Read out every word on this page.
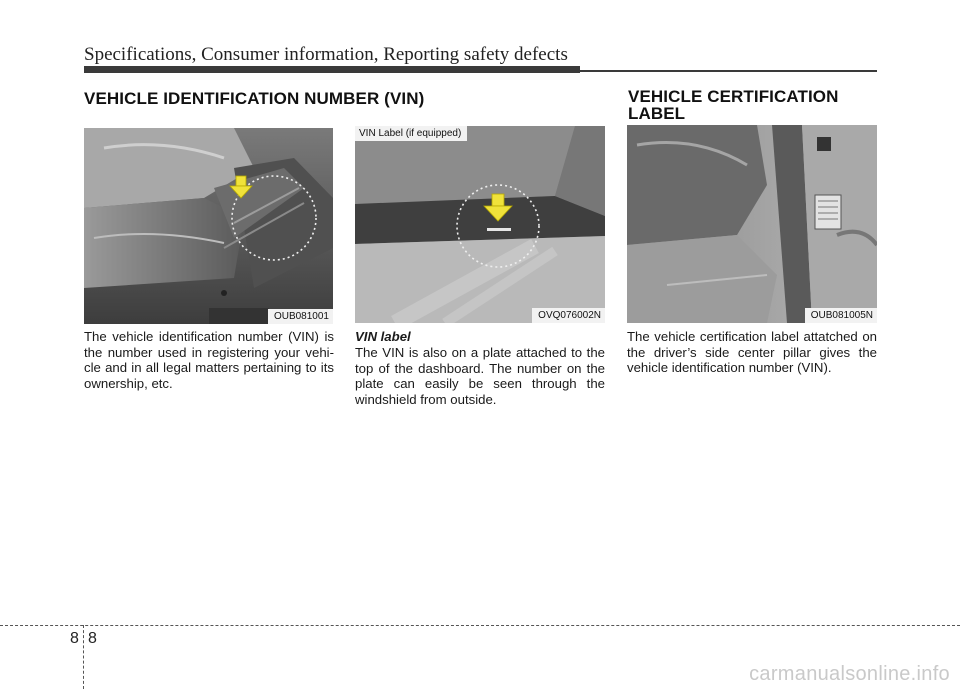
Specifications, Consumer information, Reporting safety defects
VEHICLE IDENTIFICATION NUMBER (VIN)	VEHICLE CERTIFICATION
LABEL
OUB081001
VIN Label (if equipped)
OVQ076002N	OUB081005N
The vehicle identification number (VIN) is the number used in registering your vehi-cle and in all legal matters pertaining to its ownership, etc.
VIN label
The VIN is also on a plate attached to the top of the dashboard. The number on the plate can easily be seen through the windshield from outside.
The vehicle certification label attatched on the driver’s side center pillar gives the vehicle identification number (VIN).
8 8
carmanualsonline.info
